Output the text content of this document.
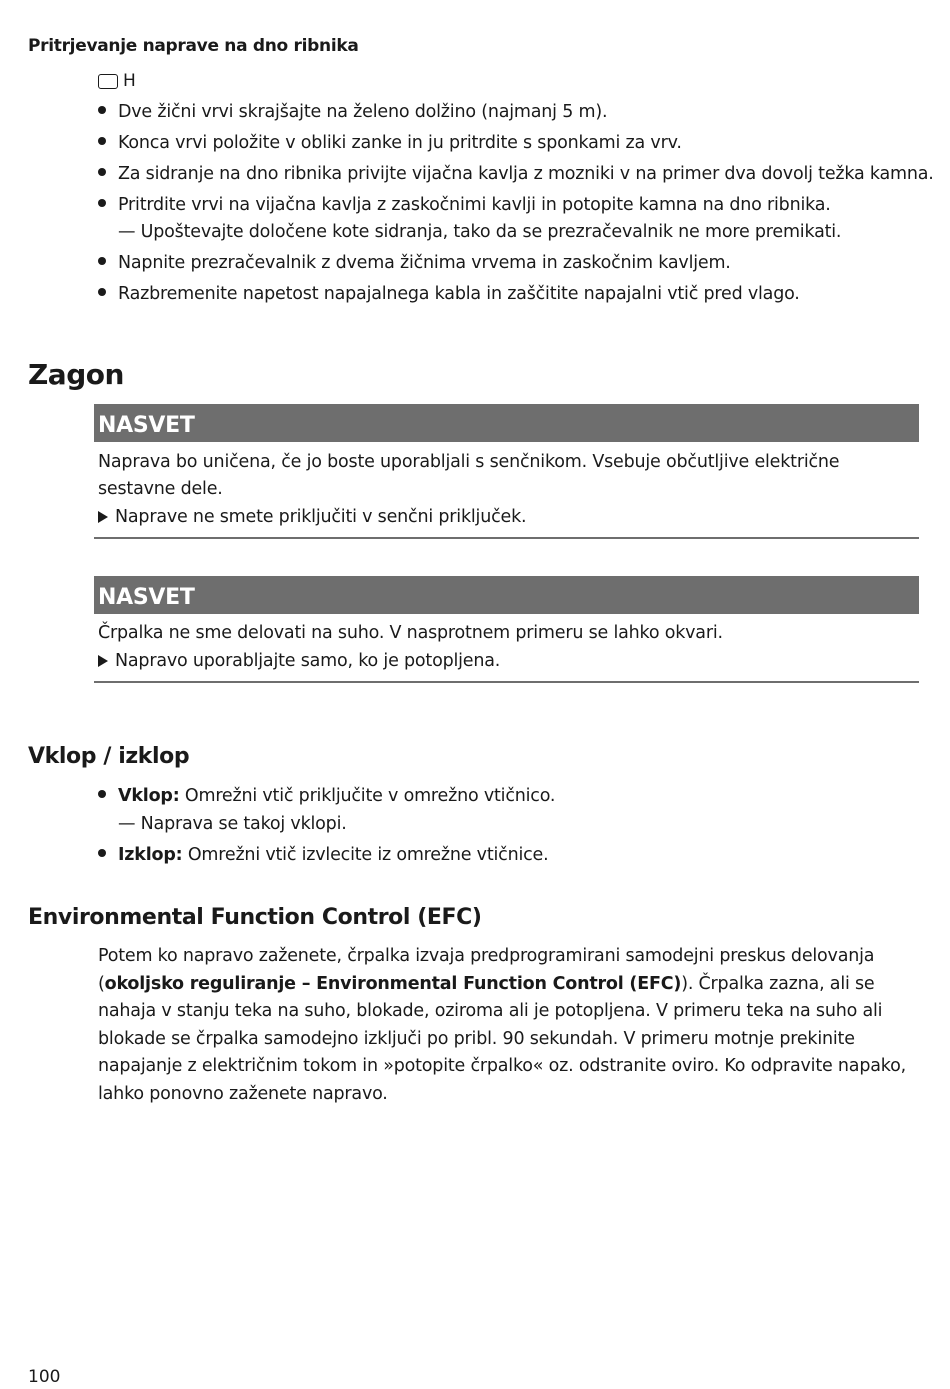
Pritrjevanje naprave na dno ribnika
H
Dve žični vrvi skrajšajte na želeno dolžino (najmanj 5 m).
Konca vrvi položite v obliki zanke in ju pritrdite s sponkami za vrv.
Za sidranje na dno ribnika privijte vijačna kavlja z mozniki v na primer dva dovolj težka kamna.
Pritrdite vrvi na vijačna kavlja z zaskočnimi kavlji in potopite kamna na dno ribnika.
— Upoštevajte določene kote sidranja, tako da se prezračevalnik ne more premikati.
Napnite prezračevalnik z dvema žičnima vrvema in zaskočnim kavljem.
Razbremenite napetost napajalnega kabla in zaščitite napajalni vtič pred vlago.
Zagon
NASVET
Naprava bo uničena, če jo boste uporabljali s senčnikom. Vsebuje občutljive električne sestavne dele.
Naprave ne smete priključiti v senčni priključek.
NASVET
Črpalka ne sme delovati na suho. V nasprotnem primeru se lahko okvari.
Napravo uporabljajte samo, ko je potopljena.
Vklop / izklop
Vklop: Omrežni vtič priključite v omrežno vtičnico.
— Naprava se takoj vklopi.
Izklop: Omrežni vtič izvlecite iz omrežne vtičnice.
Environmental Function Control (EFC)
Potem ko napravo zaženete, črpalka izvaja predprogramirani samodejni preskus delovanja (okoljsko reguliranje – Environmental Function Control (EFC)). Črpalka zazna, ali se nahaja v stanju teka na suho, blokade, oziroma ali je potopljena. V primeru teka na suho ali blokade se črpalka samodejno izključi po pribl. 90 sekundah. V primeru motnje prekinite napajanje z električnim tokom in »potopite črpalko« oz. odstranite oviro. Ko odpravite napako, lahko ponovno zaženete napravo.
100
